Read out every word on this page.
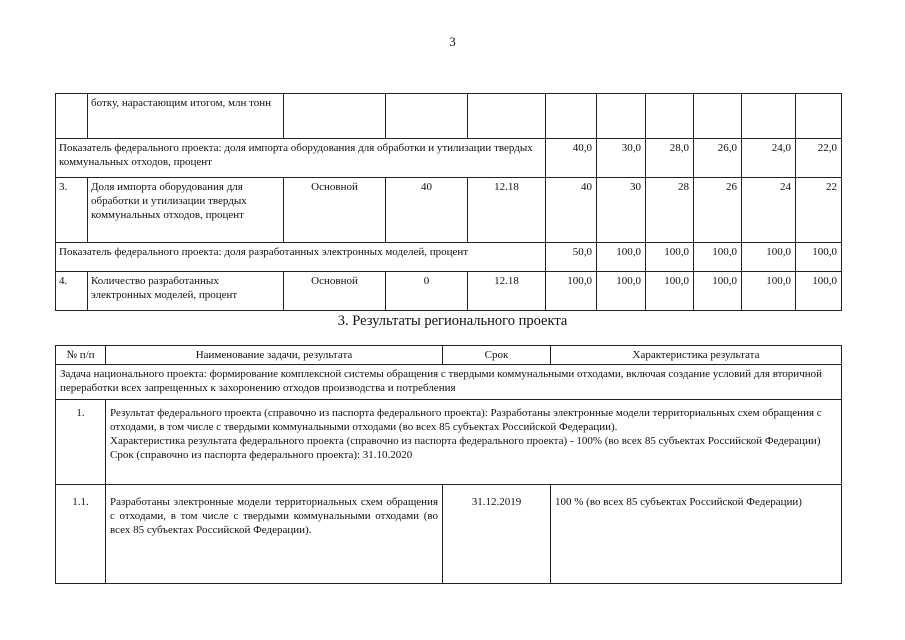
3
	ботку, нарастающим итогом, млн тонн									
Показатель федерального проекта: доля импорта оборудования для обработки и утилизации твердых коммунальных отходов, процент					40,0	30,0	28,0	26,0	24,0	22,0
3.	Доля импорта оборудования для обработки и утилизации твердых коммунальных отходов, процент	Основной	40	12.18	40	30	28	26	24	22
Показатель федерального проекта: доля разработанных электронных моделей, процент					50,0	100,0	100,0	100,0	100,0	100,0
4.	Количество разработанных электронных моделей, процент	Основной	0	12.18	100,0	100,0	100,0	100,0	100,0	100,0
3. Результаты регионального проекта
№ п/п	Наименование задачи, результата	Срок	Характеристика результата
Задача национального проекта: формирование комплексной системы обращения с твердыми коммунальными отходами, включая создание условий для вторичной переработки всех запрещенных к захоронению отходов производства и потребления			
1.	Результат федерального проекта (справочно из паспорта федерального проекта): Разработаны электронные модели территориальных схем обращения с отходами, в том числе с твердыми коммунальными отходами (во всех 85 субъектах Российской Федерации).
Характеристика результата федерального проекта (справочно из паспорта федерального проекта) - 100% (во всех 85 субъектах Российской Федерации)
Срок (справочно из паспорта федерального проекта): 31.10.2020		

1.1.	Разработаны электронные модели территориальных схем обращения с отходами, в том числе с твердыми коммунальными отходами (во всех 85 субъектах Российской Федерации).	31.12.2019	100 % (во всех 85 субъектах Российской Федерации)
